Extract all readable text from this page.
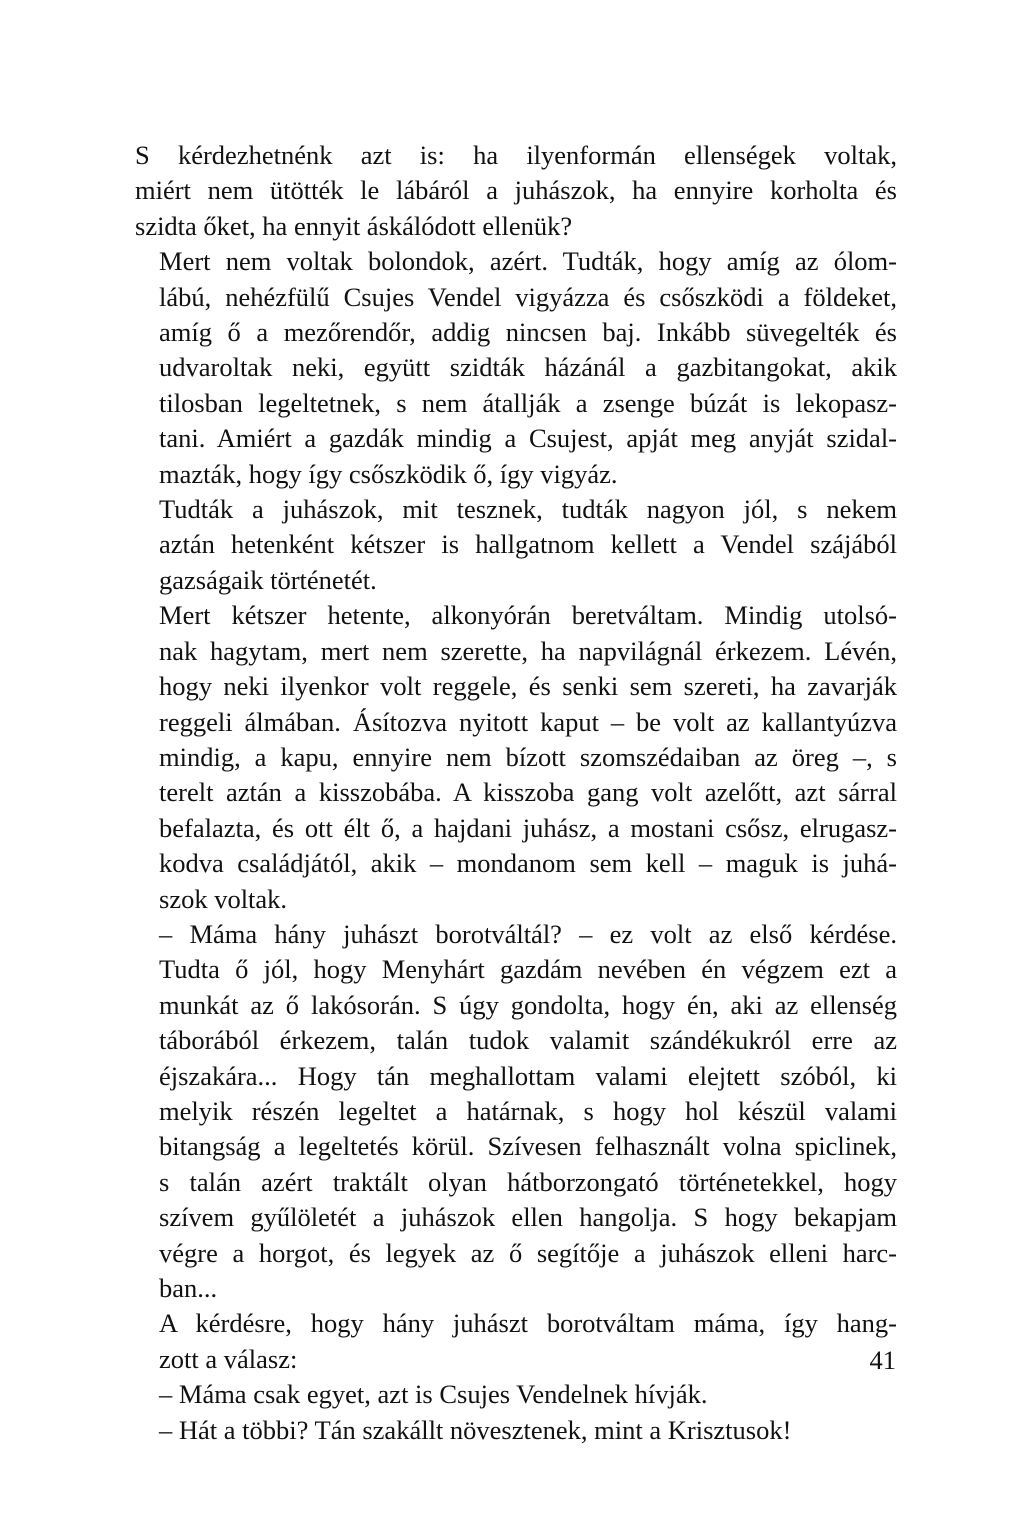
S kérdezhetnénk azt is: ha ilyenformán ellenségek voltak,
miért nem ütötték le lábáról a juhászok, ha ennyire korholta és
szidta őket, ha ennyit áskálódott ellenük?
Mert nem voltak bolondok, azért. Tudták, hogy amíg az ólom-
lábú, nehézfülű Csujes Vendel vigyázza és csőszködi a földeket,
amíg ő a mezőrendőr, addig nincsen baj. Inkább süvegelték és
udvaroltak neki, együtt szidták házánál a gazbitangokat, akik
tilosban legeltetnek, s nem átallják a zsenge búzát is lekopasz-
tani. Amiért a gazdák mindig a Csujest, apját meg anyját szidal-
mazták, hogy így csőszködik ő, így vigyáz.
Tudták a juhászok, mit tesznek, tudták nagyon jól, s nekem
aztán hetenként kétszer is hallgatnom kellett a Vendel szájából
gazságaik történetét.
Mert kétszer hetente, alkonyórán beretváltam. Mindig utolsó-
nak hagytam, mert nem szerette, ha napvilágnál érkezem. Lévén,
hogy neki ilyenkor volt reggele, és senki sem szereti, ha zavarják
reggeli álmában. Ásítozva nyitott kaput – be volt az kallantyúzva
mindig, a kapu, ennyire nem bízott szomszédaiban az öreg –, s
terelt aztán a kisszobába. A kisszoba gang volt azelőtt, azt sárral
befalazta, és ott élt ő, a hajdani juhász, a mostani csősz, elrugasz-
kodva családjától, akik – mondanom sem kell – maguk is juhá-
szok voltak.
– Máma hány juhászt borotváltál? – ez volt az első kérdése.
Tudta ő jól, hogy Menyhárt gazdám nevében én végzem ezt a
munkát az ő lakósorán. S úgy gondolta, hogy én, aki az ellenség
táborából érkezem, talán tudok valamit szándékukról erre az
éjszakára... Hogy tán meghallottam valami elejtett szóból, ki
melyik részén legeltet a határnak, s hogy hol készül valami
bitangság a legeltetés körül. Szívesen felhasznált volna spiclinek,
s talán azért traktált olyan hátborzongató történetekkel, hogy
szívem gyűlöletét a juhászok ellen hangolja. S hogy bekapjam
végre a horgot, és legyek az ő segítője a juhászok elleni harc-
ban...
A kérdésre, hogy hány juhászt borotváltam máma, így hang-
zott a válasz:
– Máma csak egyet, azt is Csujes Vendelnek hívják.
– Hát a többi? Tán szakállt növesztenek, mint a Krisztusok!
41
